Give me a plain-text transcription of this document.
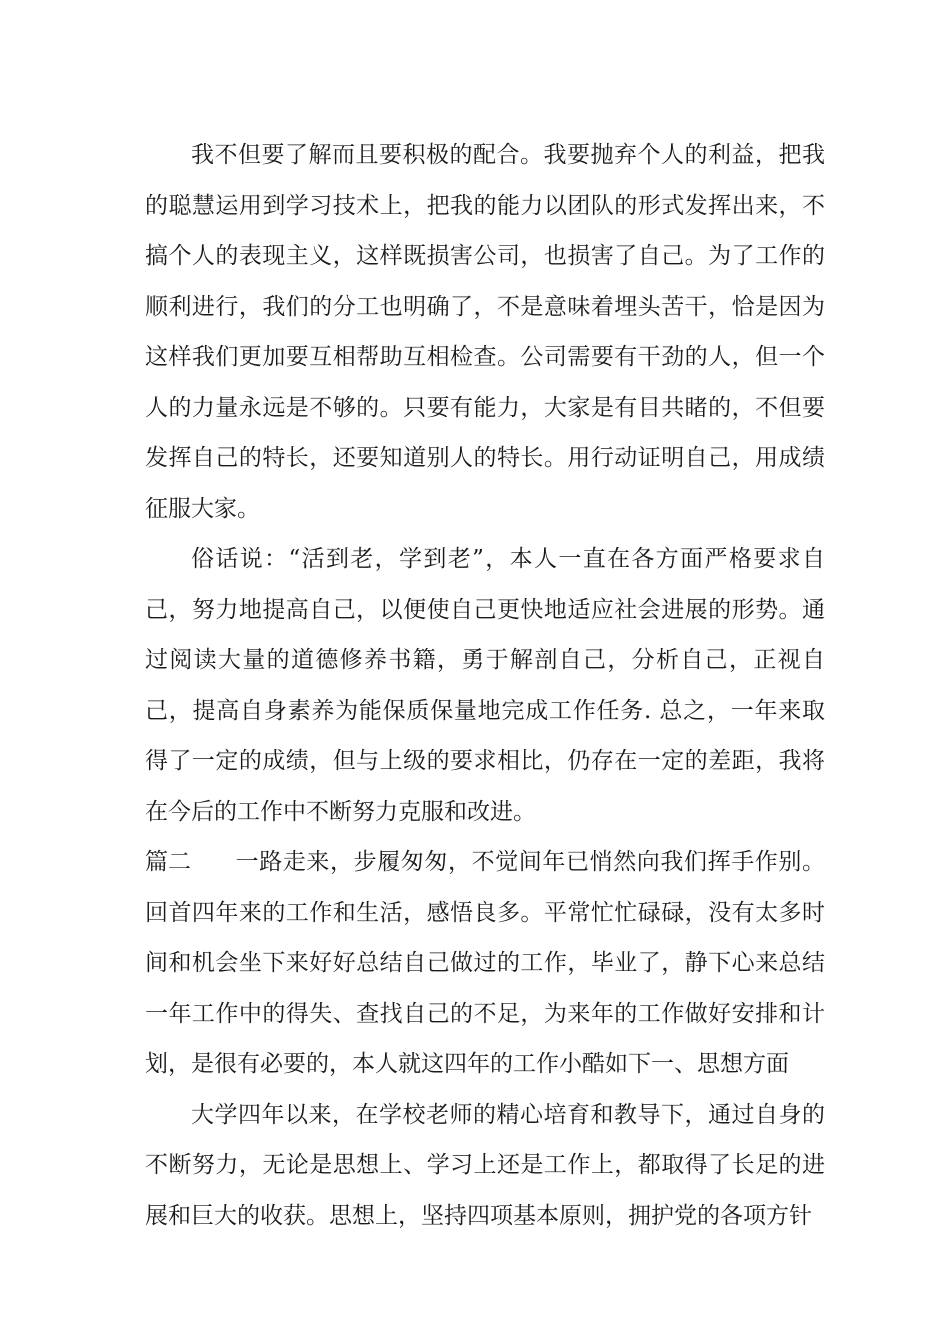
我不但要了解而且要积极的配合。我要抛弃个人的利益，把我的聪慧运用到学习技术上，把我的能力以团队的形式发挥出来，不搞个人的表现主义，这样既损害公司，也损害了自己。为了工作的顺利进行，我们的分工也明确了，不是意味着埋头苦干，恰是因为这样我们更加要互相帮助互相检查。公司需要有干劲的人，但一个人的力量永远是不够的。只要有能力，大家是有目共睹的，不但要发挥自己的特长，还要知道别人的特长。用行动证明自己，用成绩征服大家。

俗话说：“活到老，学到老”，本人一直在各方面严格要求自己，努力地提高自己，以便使自己更快地适应社会进展的形势。通过阅读大量的道德修养书籍，勇于解剖自己，分析自己，正视自己，提高自身素养为能保质保量地完成工作任务. 总之，一年来取得了一定的成绩，但与上级的要求相比，仍存在一定的差距，我将在今后的工作中不断努力克服和改进。

篇二 一路走来，步履匆匆，不觉间年已悄然向我们挥手作别。回首四年来的工作和生活，感悟良多。平常忙忙碌碌，没有太多时间和机会坐下来好好总结自己做过的工作，毕业了，静下心来总结一年工作中的得失、查找自己的不足，为来年的工作做好安排和计划，是很有必要的，本人就这四年的工作小酷如下一、思想方面

大学四年以来，在学校老师的精心培育和教导下，通过自身的不断努力，无论是思想上、学习上还是工作上，都取得了长足的进展和巨大的收获。思想上，坚持四项基本原则，拥护党的各项方针
